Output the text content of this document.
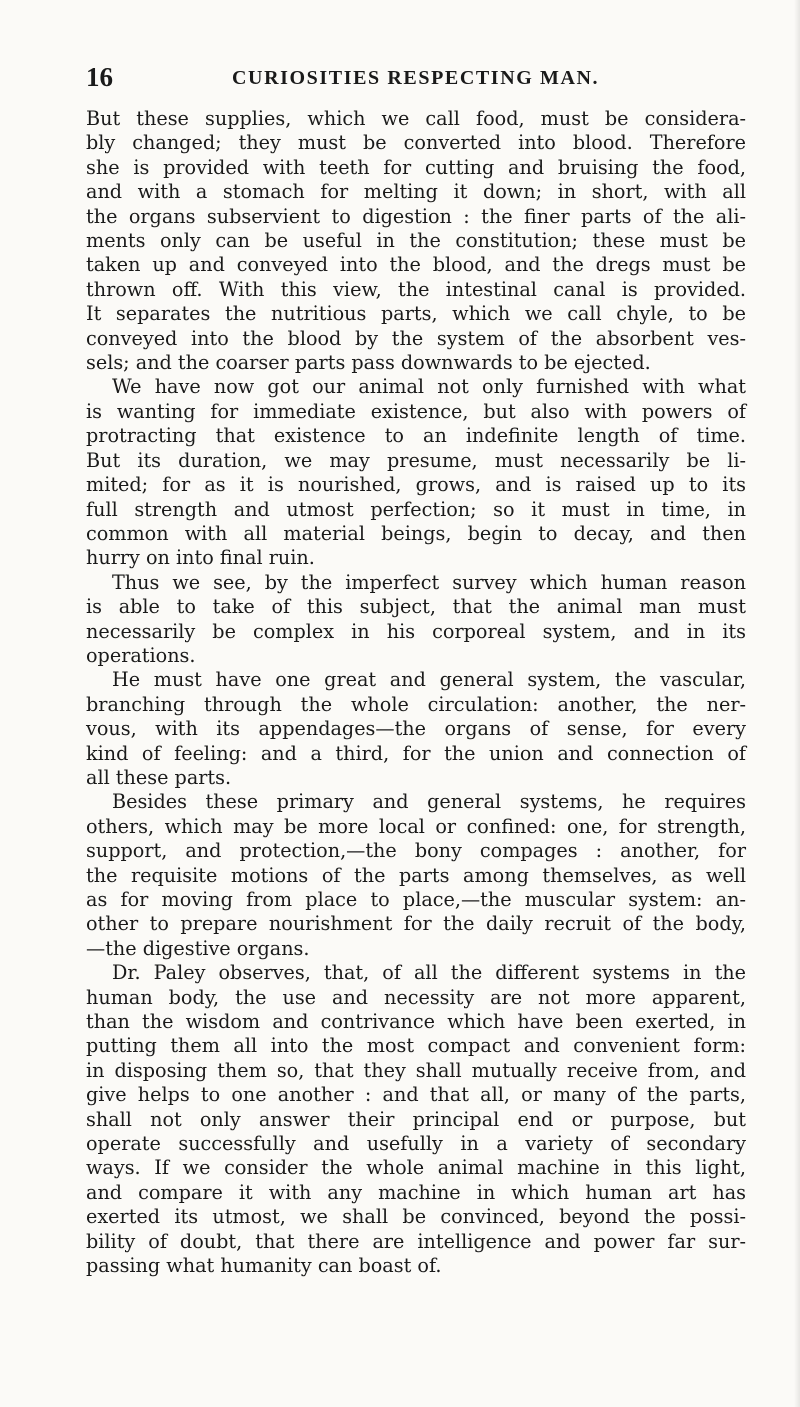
16	CURIOSITIES RESPECTING MAN.
But these supplies, which we call food, must be considera-
bly changed; they must be converted into blood. Therefore
she is provided with teeth for cutting and bruising the food,
and with a stomach for melting it down; in short, with all
the organs subservient to digestion : the finer parts of the ali-
ments only can be useful in the constitution; these must be
taken up and conveyed into the blood, and the dregs must be
thrown off. With this view, the intestinal canal is provided.
It separates the nutritious parts, which we call chyle, to be
conveyed into the blood by the system of the absorbent ves-
sels; and the coarser parts pass downwards to be ejected.
We have now got our animal not only furnished with what
is wanting for immediate existence, but also with powers of
protracting that existence to an indefinite length of time.
But its duration, we may presume, must necessarily be li-
mited; for as it is nourished, grows, and is raised up to its
full strength and utmost perfection; so it must in time, in
common with all material beings, begin to decay, and then
hurry on into final ruin.
Thus we see, by the imperfect survey which human reason
is able to take of this subject, that the animal man must
necessarily be complex in his corporeal system, and in its
operations.
He must have one great and general system, the vascular,
branching through the whole circulation: another, the ner-
vous, with its appendages—the organs of sense, for every
kind of feeling: and a third, for the union and connection of
all these parts.
Besides these primary and general systems, he requires
others, which may be more local or confined: one, for strength,
support, and protection,—the bony compages : another, for
the requisite motions of the parts among themselves, as well
as for moving from place to place,—the muscular system: an-
other to prepare nourishment for the daily recruit of the body,
—the digestive organs.
Dr. Paley observes, that, of all the different systems in the
human body, the use and necessity are not more apparent,
than the wisdom and contrivance which have been exerted, in
putting them all into the most compact and convenient form:
in disposing them so, that they shall mutually receive from, and
give helps to one another : and that all, or many of the parts,
shall not only answer their principal end or purpose, but
operate successfully and usefully in a variety of secondary
ways. If we consider the whole animal machine in this light,
and compare it with any machine in which human art has
exerted its utmost, we shall be convinced, beyond the possi-
bility of doubt, that there are intelligence and power far sur-
passing what humanity can boast of.
